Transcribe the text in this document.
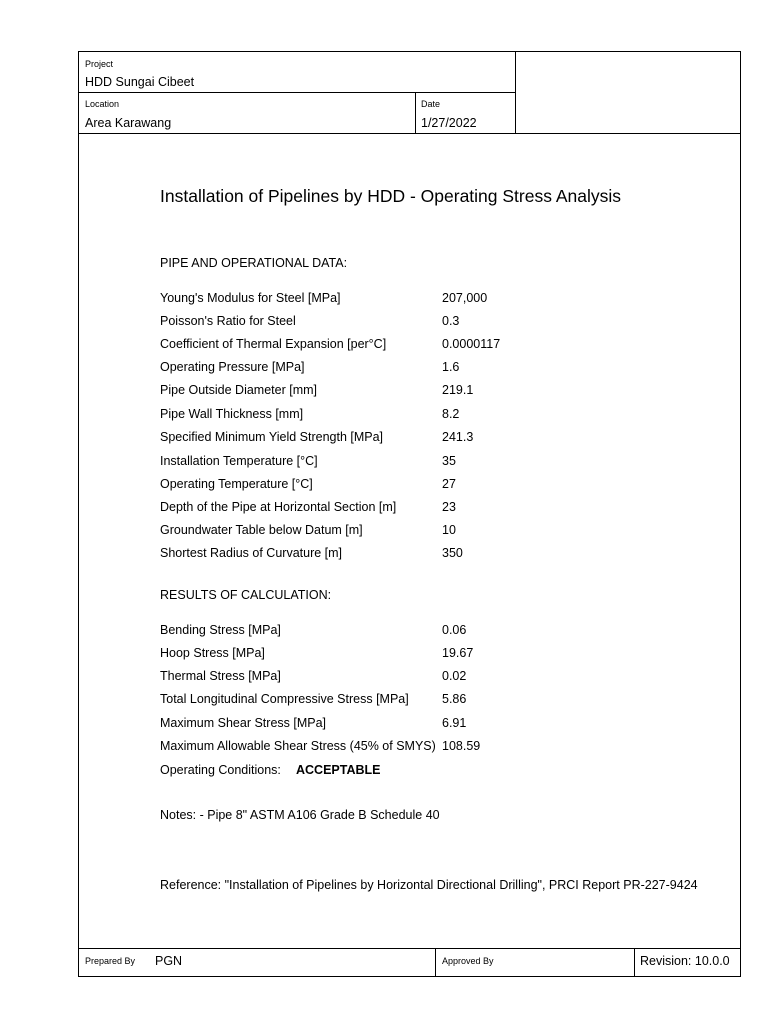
Project
HDD Sungai Cibeet
Location
Area Karawang
Date
1/27/2022
Installation of Pipelines by HDD - Operating Stress Analysis
PIPE AND OPERATIONAL DATA:
Young's Modulus for Steel [MPa]	207,000
Poisson's Ratio for Steel	0.3
Coefficient of Thermal Expansion [per°C]	0.0000117
Operating Pressure [MPa]	1.6
Pipe Outside Diameter [mm]	219.1
Pipe Wall Thickness [mm]	8.2
Specified Minimum Yield Strength [MPa]	241.3
Installation Temperature [°C]	35
Operating Temperature [°C]	27
Depth of the Pipe at Horizontal Section [m]	23
Groundwater Table below Datum [m]	10
Shortest Radius of Curvature [m]	350
RESULTS OF CALCULATION:
Bending Stress [MPa]	0.06
Hoop Stress [MPa]	19.67
Thermal Stress [MPa]	0.02
Total Longitudinal Compressive Stress [MPa]	5.86
Maximum Shear Stress [MPa]	6.91
Maximum Allowable Shear Stress (45% of SMYS) 108.59
Operating Conditions: ACCEPTABLE
Notes: - Pipe 8" ASTM A106 Grade B Schedule 40
Reference: "Installation of Pipelines by Horizontal Directional Drilling", PRCI Report PR-227-9424
Prepared By PGN	Approved By	Revision: 10.0.0
